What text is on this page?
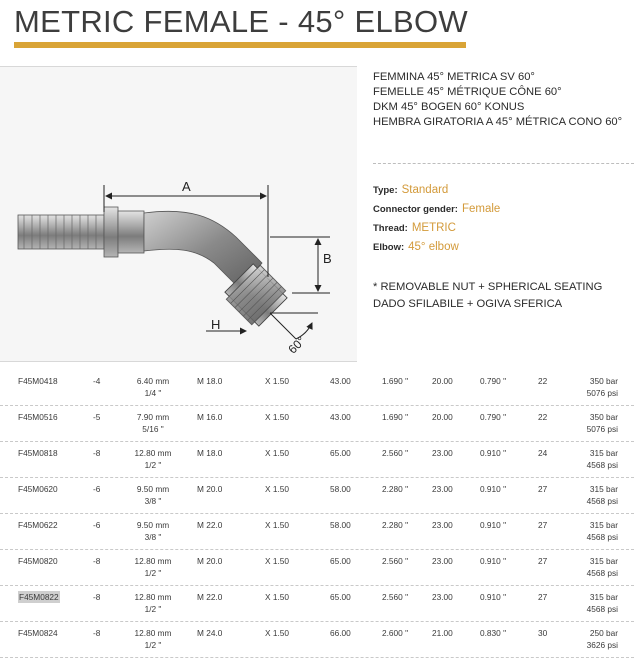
METRIC FEMALE - 45° ELBOW
A
B
H
60°
FEMMINA 45° METRICA SV 60°
FEMELLE 45° MÉTRIQUE CÔNE 60°
DKM 45° BOGEN 60° KONUS
HEMBRA GIRATORIA A 45° MÉTRICA CONO 60°
Type: Standard
Connector gender: Female
Thread: METRIC
Elbow: 45° elbow
* REMOVABLE NUT + SPHERICAL SEATING
DADO SFILABILE + OGIVA SFERICA
F45M0418	-4	6.40 mm
1/4 "
M 18.0	X 1.50	43.00	1.690 "	20.00	0.790 "	22	350 bar
5076 psi
F45M0516	-5	7.90 mm
5/16 "
M 16.0	X 1.50	43.00	1.690 "	20.00	0.790 "	22	350 bar
5076 psi
F45M0818	-8	12.80 mm
1/2 "
M 18.0	X 1.50	65.00	2.560 "	23.00	0.910 "	24	315 bar
4568 psi
F45M0620	-6	9.50 mm
3/8 "
M 20.0	X 1.50	58.00	2.280 "	23.00	0.910 "	27	315 bar
4568 psi
F45M0622	-6	9.50 mm
3/8 "
M 22.0	X 1.50	58.00	2.280 "	23.00	0.910 "	27	315 bar
4568 psi
F45M0820	-8	12.80 mm
1/2 "
M 20.0	X 1.50	65.00	2.560 "	23.00	0.910 "	27	315 bar
4568 psi
F45M0822	-8	12.80 mm
1/2 "
M 22.0	X 1.50	65.00	2.560 "	23.00	0.910 "	27	315 bar
4568 psi
F45M0824	-8	12.80 mm
1/2 "
M 24.0	X 1.50	66.00	2.600 "	21.00	0.830 "	30	250 bar
3626 psi
